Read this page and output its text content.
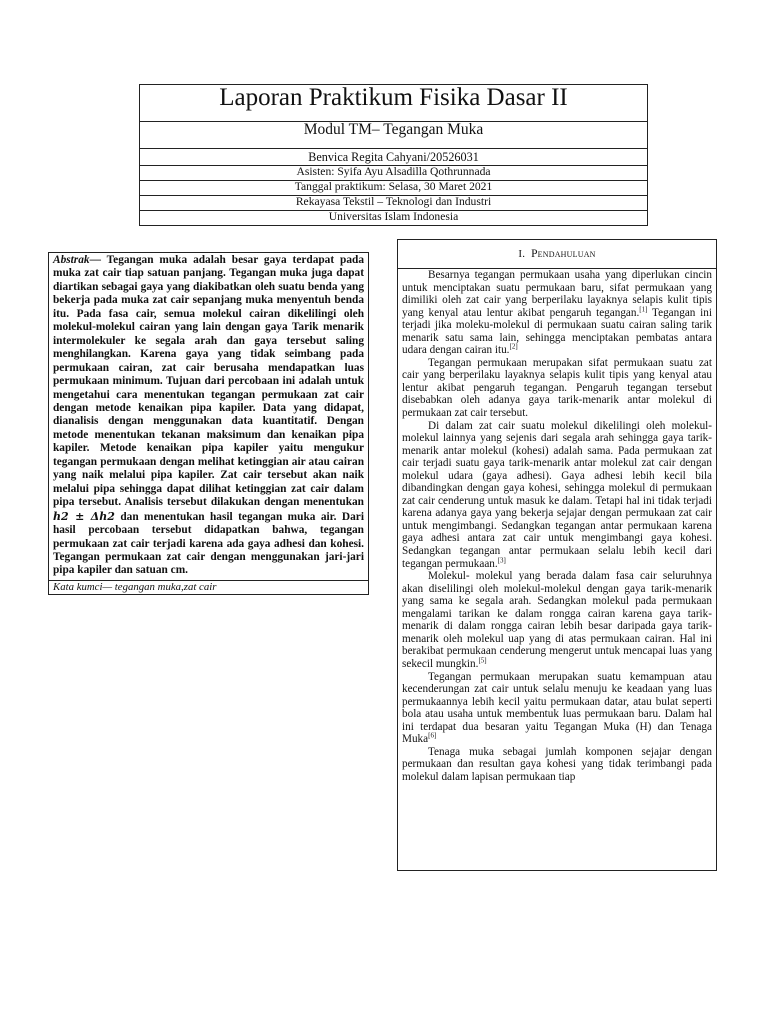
Laporan Praktikum Fisika Dasar II
Modul TM– Tegangan Muka
Benvica Regita Cahyani/20526031
Asisten: Syifa Ayu Alsadilla Qothrunnada
Tanggal praktikum: Selasa, 30 Maret 2021
Rekayasa Tekstil – Teknologi dan Industri
Universitas Islam Indonesia
Abstrak— Tegangan muka adalah besar gaya terdapat pada muka zat cair tiap satuan panjang. Tegangan muka juga dapat diartikan sebagai gaya yang diakibatkan oleh suatu benda yang bekerja pada muka zat cair sepanjang muka menyentuh benda itu. Pada fasa cair, semua molekul cairan dikelilingi oleh molekul-molekul cairan yang lain dengan gaya Tarik menarik intermolekuler ke segala arah dan gaya tersebut saling menghilangkan. Karena gaya yang tidak seimbang pada permukaan cairan, zat cair berusaha mendapatkan luas permukaan minimum. Tujuan dari percobaan ini adalah untuk mengetahui cara menentukan tegangan permukaan zat cair dengan metode kenaikan pipa kapiler. Data yang didapat, dianalisis dengan menggunakan data kuantitatif. Dengan metode menentukan tekanan maksimum dan kenaikan pipa kapiler. Metode kenaikan pipa kapiler yaitu mengukur tegangan permukaan dengan melihat ketinggian air atau cairan yang naik melalui pipa kapiler. Zat cair tersebut akan naik melalui pipa sehingga dapat dilihat ketinggian zat cair dalam pipa tersebut. Analisis tersebut dilakukan dengan menentukan h2 ± Δh2 dan menentukan hasil tegangan muka air. Dari hasil percobaan tersebut didapatkan bahwa, tegangan permukaan zat cair terjadi karena ada gaya adhesi dan kohesi. Tegangan permukaan zat cair dengan menggunakan jari-jari pipa kapiler dan satuan cm.
Kata kumci— tegangan muka,zat cair
I. Pendahuluan

Besarnya tegangan permukaan usaha yang diperlukan cincin untuk menciptakan suatu permukaan baru, sifat permukaan yang dimiliki oleh zat cair yang berperilaku layaknya selapis kulit tipis yang kenyal atau lentur akibat pengaruh tegangan.[1] Tegangan ini terjadi jika moleku-molekul di permukaan suatu cairan saling tarik menarik satu sama lain, sehingga menciptakan pembatas antara udara dengan cairan itu.[2]

Tegangan permukaan merupakan sifat permukaan suatu zat cair yang berperilaku layaknya selapis kulit tipis yang kenyal atau lentur akibat pengaruh tegangan. Pengaruh tegangan tersebut disebabkan oleh adanya gaya tarik-menarik antar molekul di permukaan zat cair tersebut.

Di dalam zat cair suatu molekul dikelilingi oleh molekul-molekul lainnya yang sejenis dari segala arah sehingga gaya tarik-menarik antar molekul (kohesi) adalah sama. Pada permukaan zat cair terjadi suatu gaya tarik-menarik antar molekul zat cair dengan molekul udara (gaya adhesi). Gaya adhesi lebih kecil bila dibandingkan dengan gaya kohesi, sehingga molekul di permukaan zat cair cenderung untuk masuk ke dalam. Tetapi hal ini tidak terjadi karena adanya gaya yang bekerja sejajar dengan permukaan zat cair untuk mengimbangi. Sedangkan tegangan antar permukaan karena gaya adhesi antara zat cair untuk mengimbangi gaya kohesi. Sedangkan tegangan antar permukaan selalu lebih kecil dari tegangan permukaan.[3]

Molekul- molekul yang berada dalam fasa cair seluruhnya akan diselilingi oleh molekul-molekul dengan gaya tarik-menarik yang sama ke segala arah. Sedangkan molekul pada permukaan mengalami tarikan ke dalam rongga cairan karena gaya tarik-menarik di dalam rongga cairan lebih besar daripada gaya tarik-menarik oleh molekul uap yang di atas permukaan cairan. Hal ini berakibat permukaan cenderung mengerut untuk mencapai luas yang sekecil mungkin.[5]

Tegangan permukaan merupakan suatu kemampuan atau kecenderungan zat cair untuk selalu menuju ke keadaan yang luas permukaannya lebih kecil yaitu permukaan datar, atau bulat seperti bola atau usaha untuk membentuk luas permukaan baru. Dalam hal ini terdapat dua besaran yaitu Tegangan Muka (H) dan Tenaga Muka[6]

Tenaga muka sebagai jumlah komponen sejajar dengan permukaan dan resultan gaya kohesi yang tidak terimbangi pada molekul dalam lapisan permukaan tiap
